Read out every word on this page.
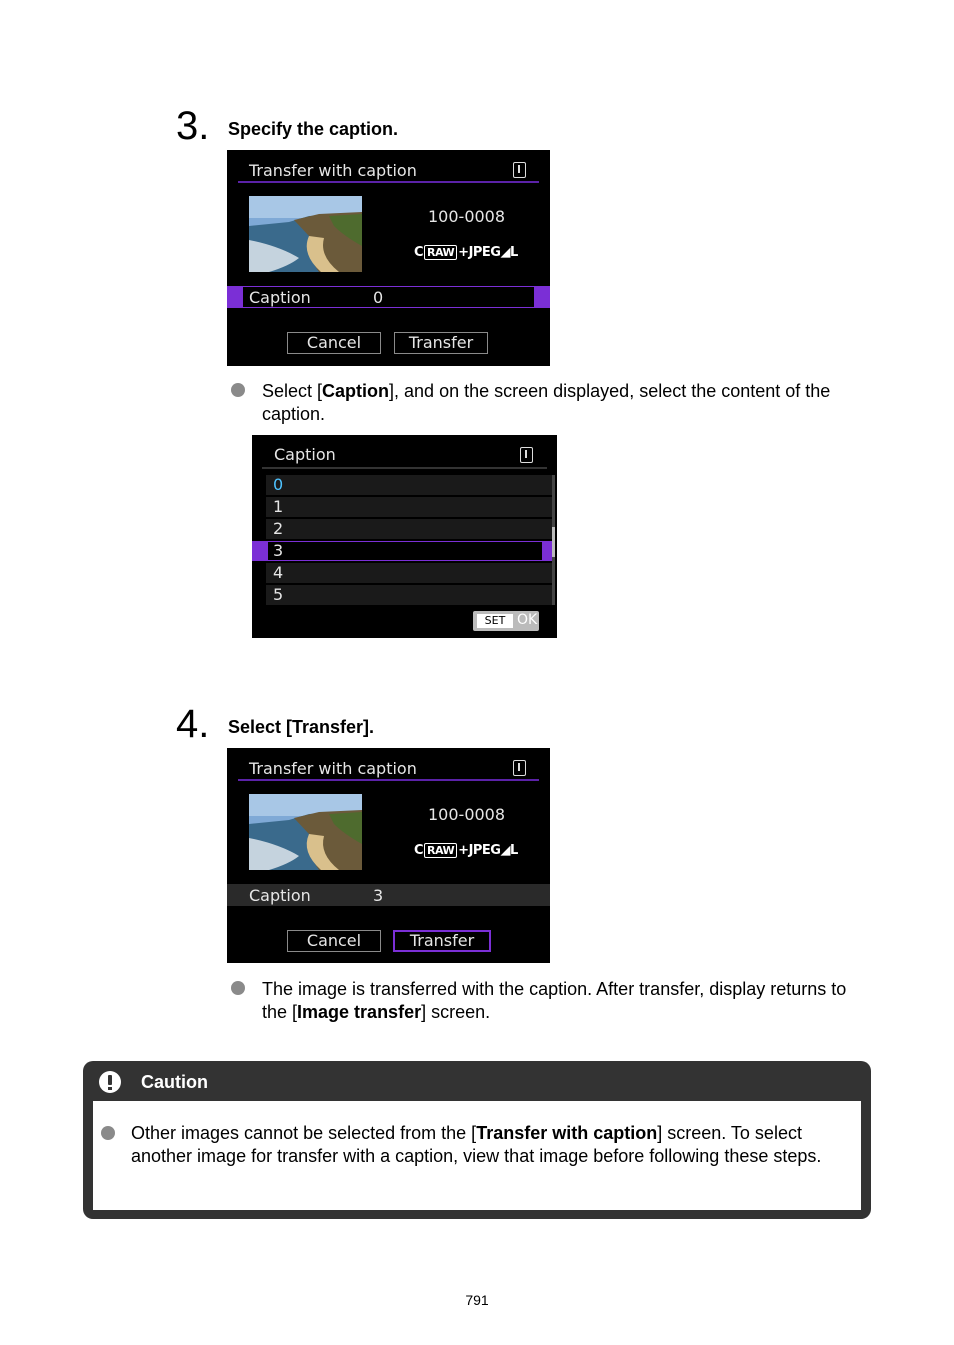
3. Specify the caption.
Transfer with caption
100-0008
C RAW +JPEG◢L
Caption	0
Cancel	Transfer
Select [Caption], and on the screen displayed, select the content of the caption.
Caption
0
1
2
3
4
5
SET OK
4. Select [Transfer].
Transfer with caption
100-0008
C RAW +JPEG◢L
Caption	3
Cancel	Transfer
The image is transferred with the caption. After transfer, display returns to the [Image transfer] screen.
Caution
Other images cannot be selected from the [Transfer with caption] screen. To select another image for transfer with a caption, view that image before following these steps.
791
